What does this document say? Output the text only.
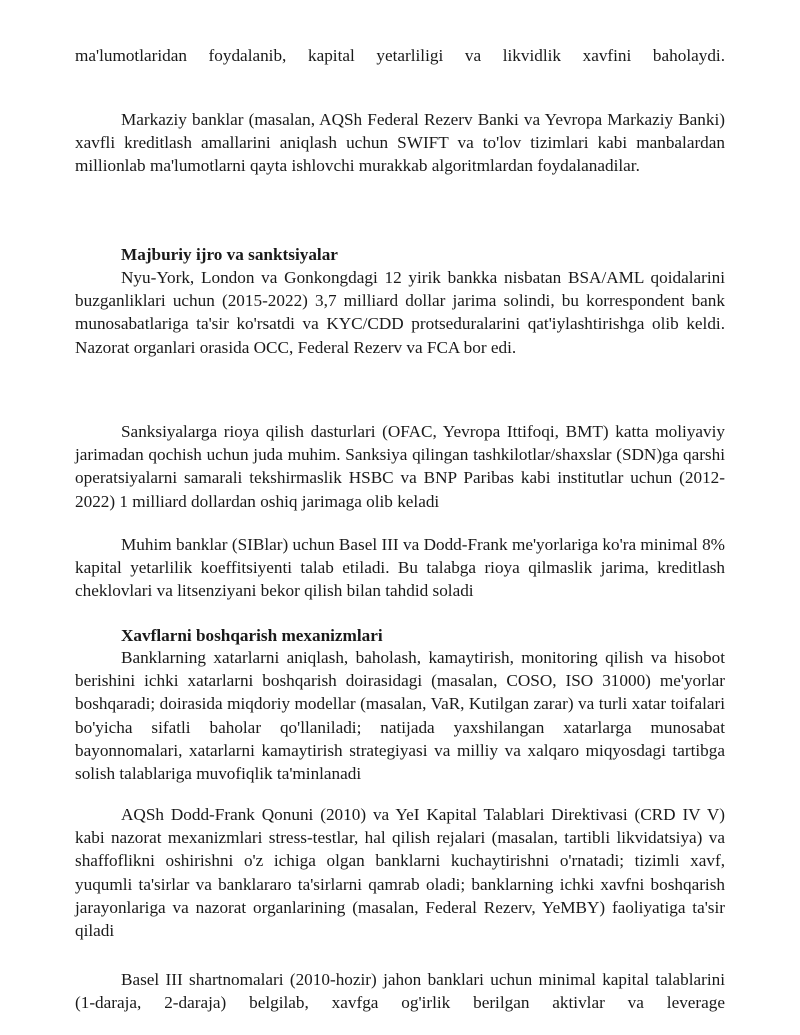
ma'lumotlaridan foydalanib, kapital yetarliligi va likvidlik xavfini baholaydi.

Markaziy banklar (masalan, AQSh Federal Rezerv Banki va Yevropa Markaziy Banki) xavfli kreditlash amallarini aniqlash uchun SWIFT va to'lov tizimlari kabi manbalardan millionlab ma'lumotlarni qayta ishlovchi murakkab algoritmlardan foydalanadilar.

Majburiy ijro va sanktsiyalar

Nyu-York, London va Gonkongdagi 12 yirik bankka nisbatan BSA/AML qoidalarini buzganliklari uchun (2015-2022) 3,7 milliard dollar jarima solindi, bu korrespondent bank munosabatlariga ta'sir ko'rsatdi va KYC/CDD protseduralarini qat'iylashtirishga olib keldi. Nazorat organlari orasida OCC, Federal Rezerv va FCA bor edi.

Sanksiyalarga rioya qilish dasturlari (OFAC, Yevropa Ittifoqi, BMT) katta moliyaviy jarimadan qochish uchun juda muhim. Sanksiya qilingan tashkilotlar/shaxslar (SDN)ga qarshi operatsiyalarni samarali tekshirmaslik HSBC va BNP Paribas kabi institutlar uchun (2012-2022) 1 milliard dollardan oshiq jarimaga olib keladi

Muhim banklar (SIBlar) uchun Basel III va Dodd-Frank me'yorlariga ko'ra minimal 8% kapital yetarlilik koeffitsiyenti talab etiladi. Bu talabga rioya qilmaslik jarima, kreditlash cheklovlari va litsenziyani bekor qilish bilan tahdid soladi

Xavflarni boshqarish mexanizmlari

Banklarning xatarlarni aniqlash, baholash, kamaytirish, monitoring qilish va hisobot berishini ichki xatarlarni boshqarish doirasidagi (masalan, COSO, ISO 31000) me'yorlar boshqaradi; doirasida miqdoriy modellar (masalan, VaR, Kutilgan zarar) va turli xatar toifalari bo'yicha sifatli baholar qo'llaniladi; natijada yaxshilangan xatarlarga munosabat bayonnomalari, xatarlarni kamaytirish strategiyasi va milliy va xalqaro miqyosdagi tartibga solish talablariga muvofiqlik ta'minlanadi

AQSh Dodd-Frank Qonuni (2010) va YeI Kapital Talablari Direktivasi (CRD IV V) kabi nazorat mexanizmlari stress-testlar, hal qilish rejalari (masalan, tartibli likvidatsiya) va shaffoflikni oshirishni o'z ichiga olgan banklarni kuchaytirishni o'rnatadi; tizimli xavf, yuqumli ta'sirlar va banklararo ta'sirlarni qamrab oladi; banklarning ichki xavfni boshqarish jarayonlariga va nazorat organlarining (masalan, Federal Rezerv, YeMBY) faoliyatiga ta'sir qiladi

Basel III shartnomalari (2010-hozir) jahon banklari uchun minimal kapital talablarini (1-daraja, 2-daraja) belgilab, xavfga og'irlik berilgan aktivlar va leverage
